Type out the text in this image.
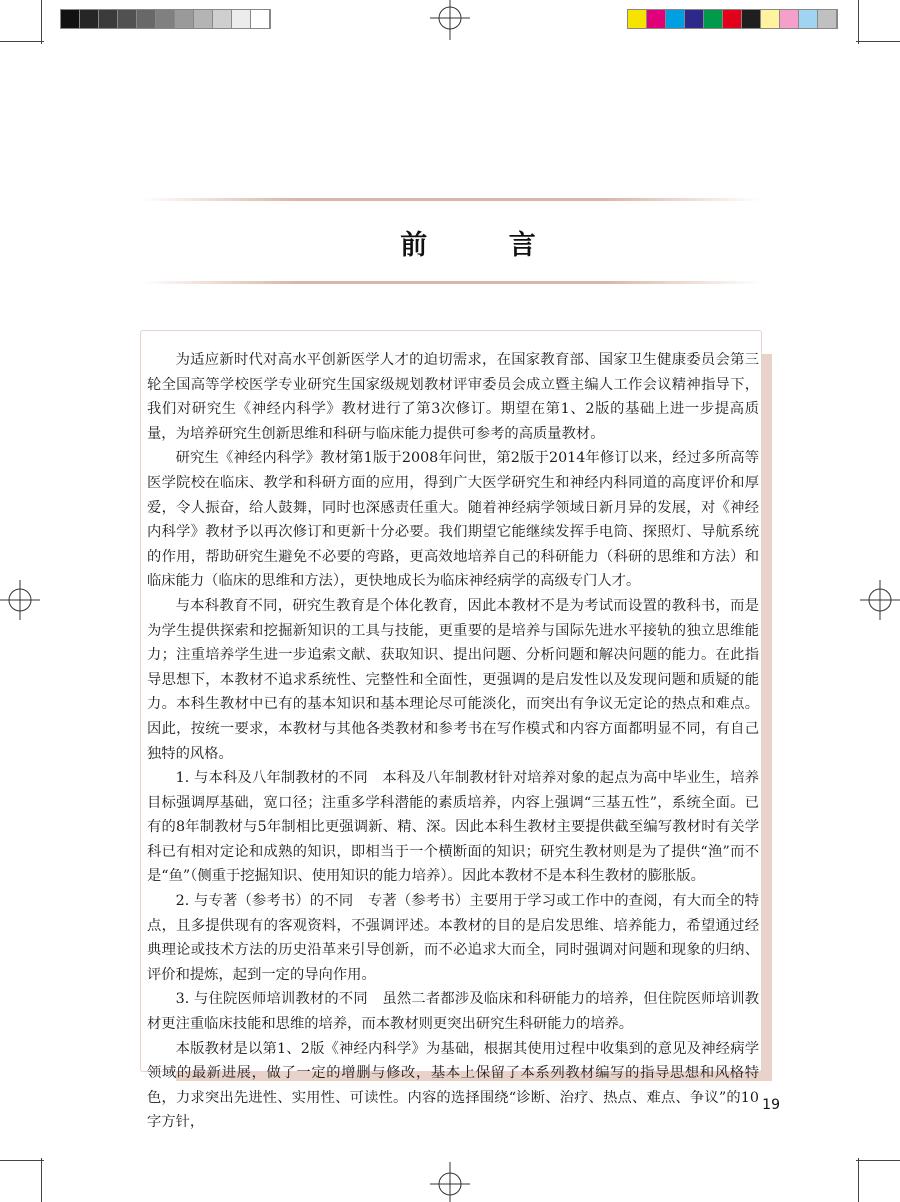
前 言

为适应新时代对高水平创新医学人才的迫切需求，在国家教育部、国家卫生健康委员会第三轮全国高等学校医学专业研究生国家级规划教材评审委员会成立暨主编人工作会议精神指导下，我们对研究生《神经内科学》教材进行了第3次修订。期望在第1、2版的基础上进一步提高质量，为培养研究生创新思维和科研与临床能力提供可参考的高质量教材。

研究生《神经内科学》教材第1版于2008年问世，第2版于2014年修订以来，经过多所高等医学院校在临床、教学和科研方面的应用，得到广大医学研究生和神经内科同道的高度评价和厚爱，令人振奋，给人鼓舞，同时也深感责任重大。随着神经病学领域日新月异的发展，对《神经内科学》教材予以再次修订和更新十分必要。我们期望它能继续发挥手电筒、探照灯、导航系统的作用，帮助研究生避免不必要的弯路，更高效地培养自己的科研能力（科研的思维和方法）和临床能力（临床的思维和方法），更快地成长为临床神经病学的高级专门人才。

与本科教育不同，研究生教育是个体化教育，因此本教材不是为考试而设置的教科书，而是为学生提供探索和挖掘新知识的工具与技能，更重要的是培养与国际先进水平接轨的独立思维能力；注重培养学生进一步追索文献、获取知识、提出问题、分析问题和解决问题的能力。在此指导思想下，本教材不追求系统性、完整性和全面性，更强调的是启发性以及发现问题和质疑的能力。本科生教材中已有的基本知识和基本理论尽可能淡化，而突出有争议无定论的热点和难点。因此，按统一要求，本教材与其他各类教材和参考书在写作模式和内容方面都明显不同，有自己独特的风格。

1. 与本科及八年制教材的不同　本科及八年制教材针对培养对象的起点为高中毕业生，培养目标强调厚基础，宽口径；注重多学科潜能的素质培养，内容上强调“三基五性”，系统全面。已有的8年制教材与5年制相比更强调新、精、深。因此本科生教材主要提供截至编写教材时有关学科已有相对定论和成熟的知识，即相当于一个横断面的知识；研究生教材则是为了提供“渔”而不是“鱼”（侧重于挖掘知识、使用知识的能力培养）。因此本教材不是本科生教材的膨胀版。

2. 与专著（参考书）的不同　专著（参考书）主要用于学习或工作中的查阅，有大而全的特点，且多提供现有的客观资料，不强调评述。本教材的目的是启发思维、培养能力，希望通过经典理论或技术方法的历史沿革来引导创新，而不必追求大而全，同时强调对问题和现象的归纳、评价和提炼，起到一定的导向作用。

3. 与住院医师培训教材的不同　虽然二者都涉及临床和科研能力的培养，但住院医师培训教材更注重临床技能和思维的培养，而本教材则更突出研究生科研能力的培养。

本版教材是以第1、2版《神经内科学》为基础，根据其使用过程中收集到的意见及神经病学领域的最新进展，做了一定的增删与修改，基本上保留了本系列教材编写的指导思想和风格特色，力求突出先进性、实用性、可读性。内容的选择围绕“诊断、治疗、热点、难点、争议”的10字方针，

19
